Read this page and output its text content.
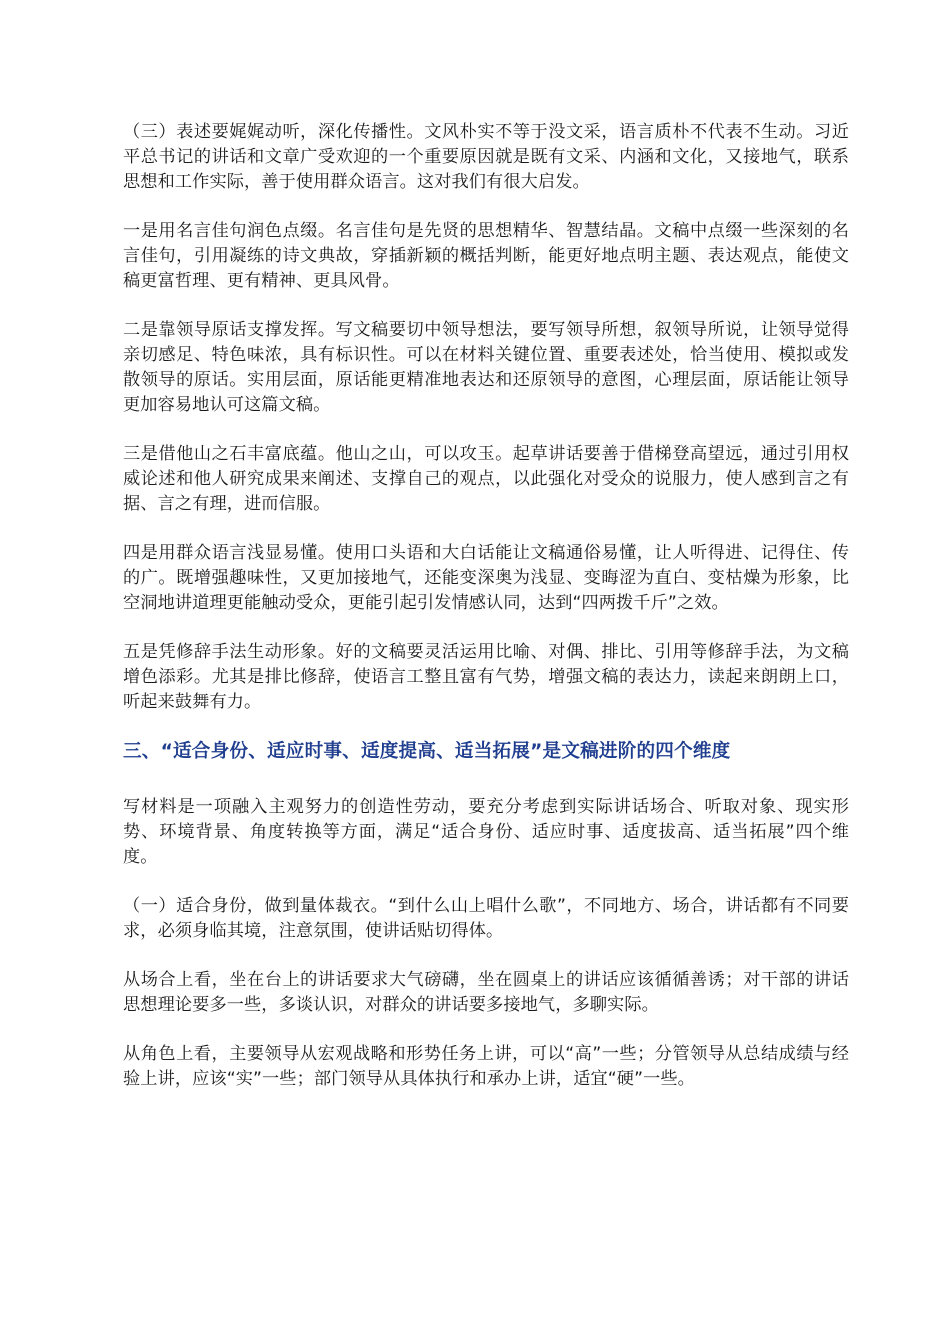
（三）表述要娓娓动听，深化传播性。文风朴实不等于没文采，语言质朴不代表不生动。习近平总书记的讲话和文章广受欢迎的一个重要原因就是既有文采、内涵和文化，又接地气，联系思想和工作实际，善于使用群众语言。这对我们有很大启发。

一是用名言佳句润色点缀。名言佳句是先贤的思想精华、智慧结晶。文稿中点缀一些深刻的名言佳句，引用凝练的诗文典故，穿插新颖的概括判断，能更好地点明主题、表达观点，能使文稿更富哲理、更有精神、更具风骨。

二是靠领导原话支撑发挥。写文稿要切中领导想法，要写领导所想，叙领导所说，让领导觉得亲切感足、特色味浓，具有标识性。可以在材料关键位置、重要表述处，恰当使用、模拟或发散领导的原话。实用层面，原话能更精准地表达和还原领导的意图，心理层面，原话能让领导更加容易地认可这篇文稿。

三是借他山之石丰富底蕴。他山之山，可以攻玉。起草讲话要善于借梯登高望远，通过引用权威论述和他人研究成果来阐述、支撑自己的观点，以此强化对受众的说服力，使人感到言之有据、言之有理，进而信服。

四是用群众语言浅显易懂。使用口头语和大白话能让文稿通俗易懂，让人听得进、记得住、传的广。既增强趣味性，又更加接地气，还能变深奥为浅显、变晦涩为直白、变枯燥为形象，比空洞地讲道理更能触动受众，更能引起引发情感认同，达到“四两拨千斤”之效。

五是凭修辞手法生动形象。好的文稿要灵活运用比喻、对偶、排比、引用等修辞手法，为文稿增色添彩。尤其是排比修辞，使语言工整且富有气势，增强文稿的表达力，读起来朗朗上口，听起来鼓舞有力。

三、“适合身份、适应时事、适度提高、适当拓展”是文稿进阶的四个维度

写材料是一项融入主观努力的创造性劳动，要充分考虑到实际讲话场合、听取对象、现实形势、环境背景、角度转换等方面，满足“适合身份、适应时事、适度拔高、适当拓展”四个维度。

（一）适合身份，做到量体裁衣。“到什么山上唱什么歌”，不同地方、场合，讲话都有不同要求，必须身临其境，注意氛围，使讲话贴切得体。

从场合上看，坐在台上的讲话要求大气磅礴，坐在圆桌上的讲话应该循循善诱；对干部的讲话思想理论要多一些，多谈认识，对群众的讲话要多接地气，多聊实际。

从角色上看，主要领导从宏观战略和形势任务上讲，可以“高”一些；分管领导从总结成绩与经验上讲，应该“实”一些；部门领导从具体执行和承办上讲，适宜“硬”一些。
